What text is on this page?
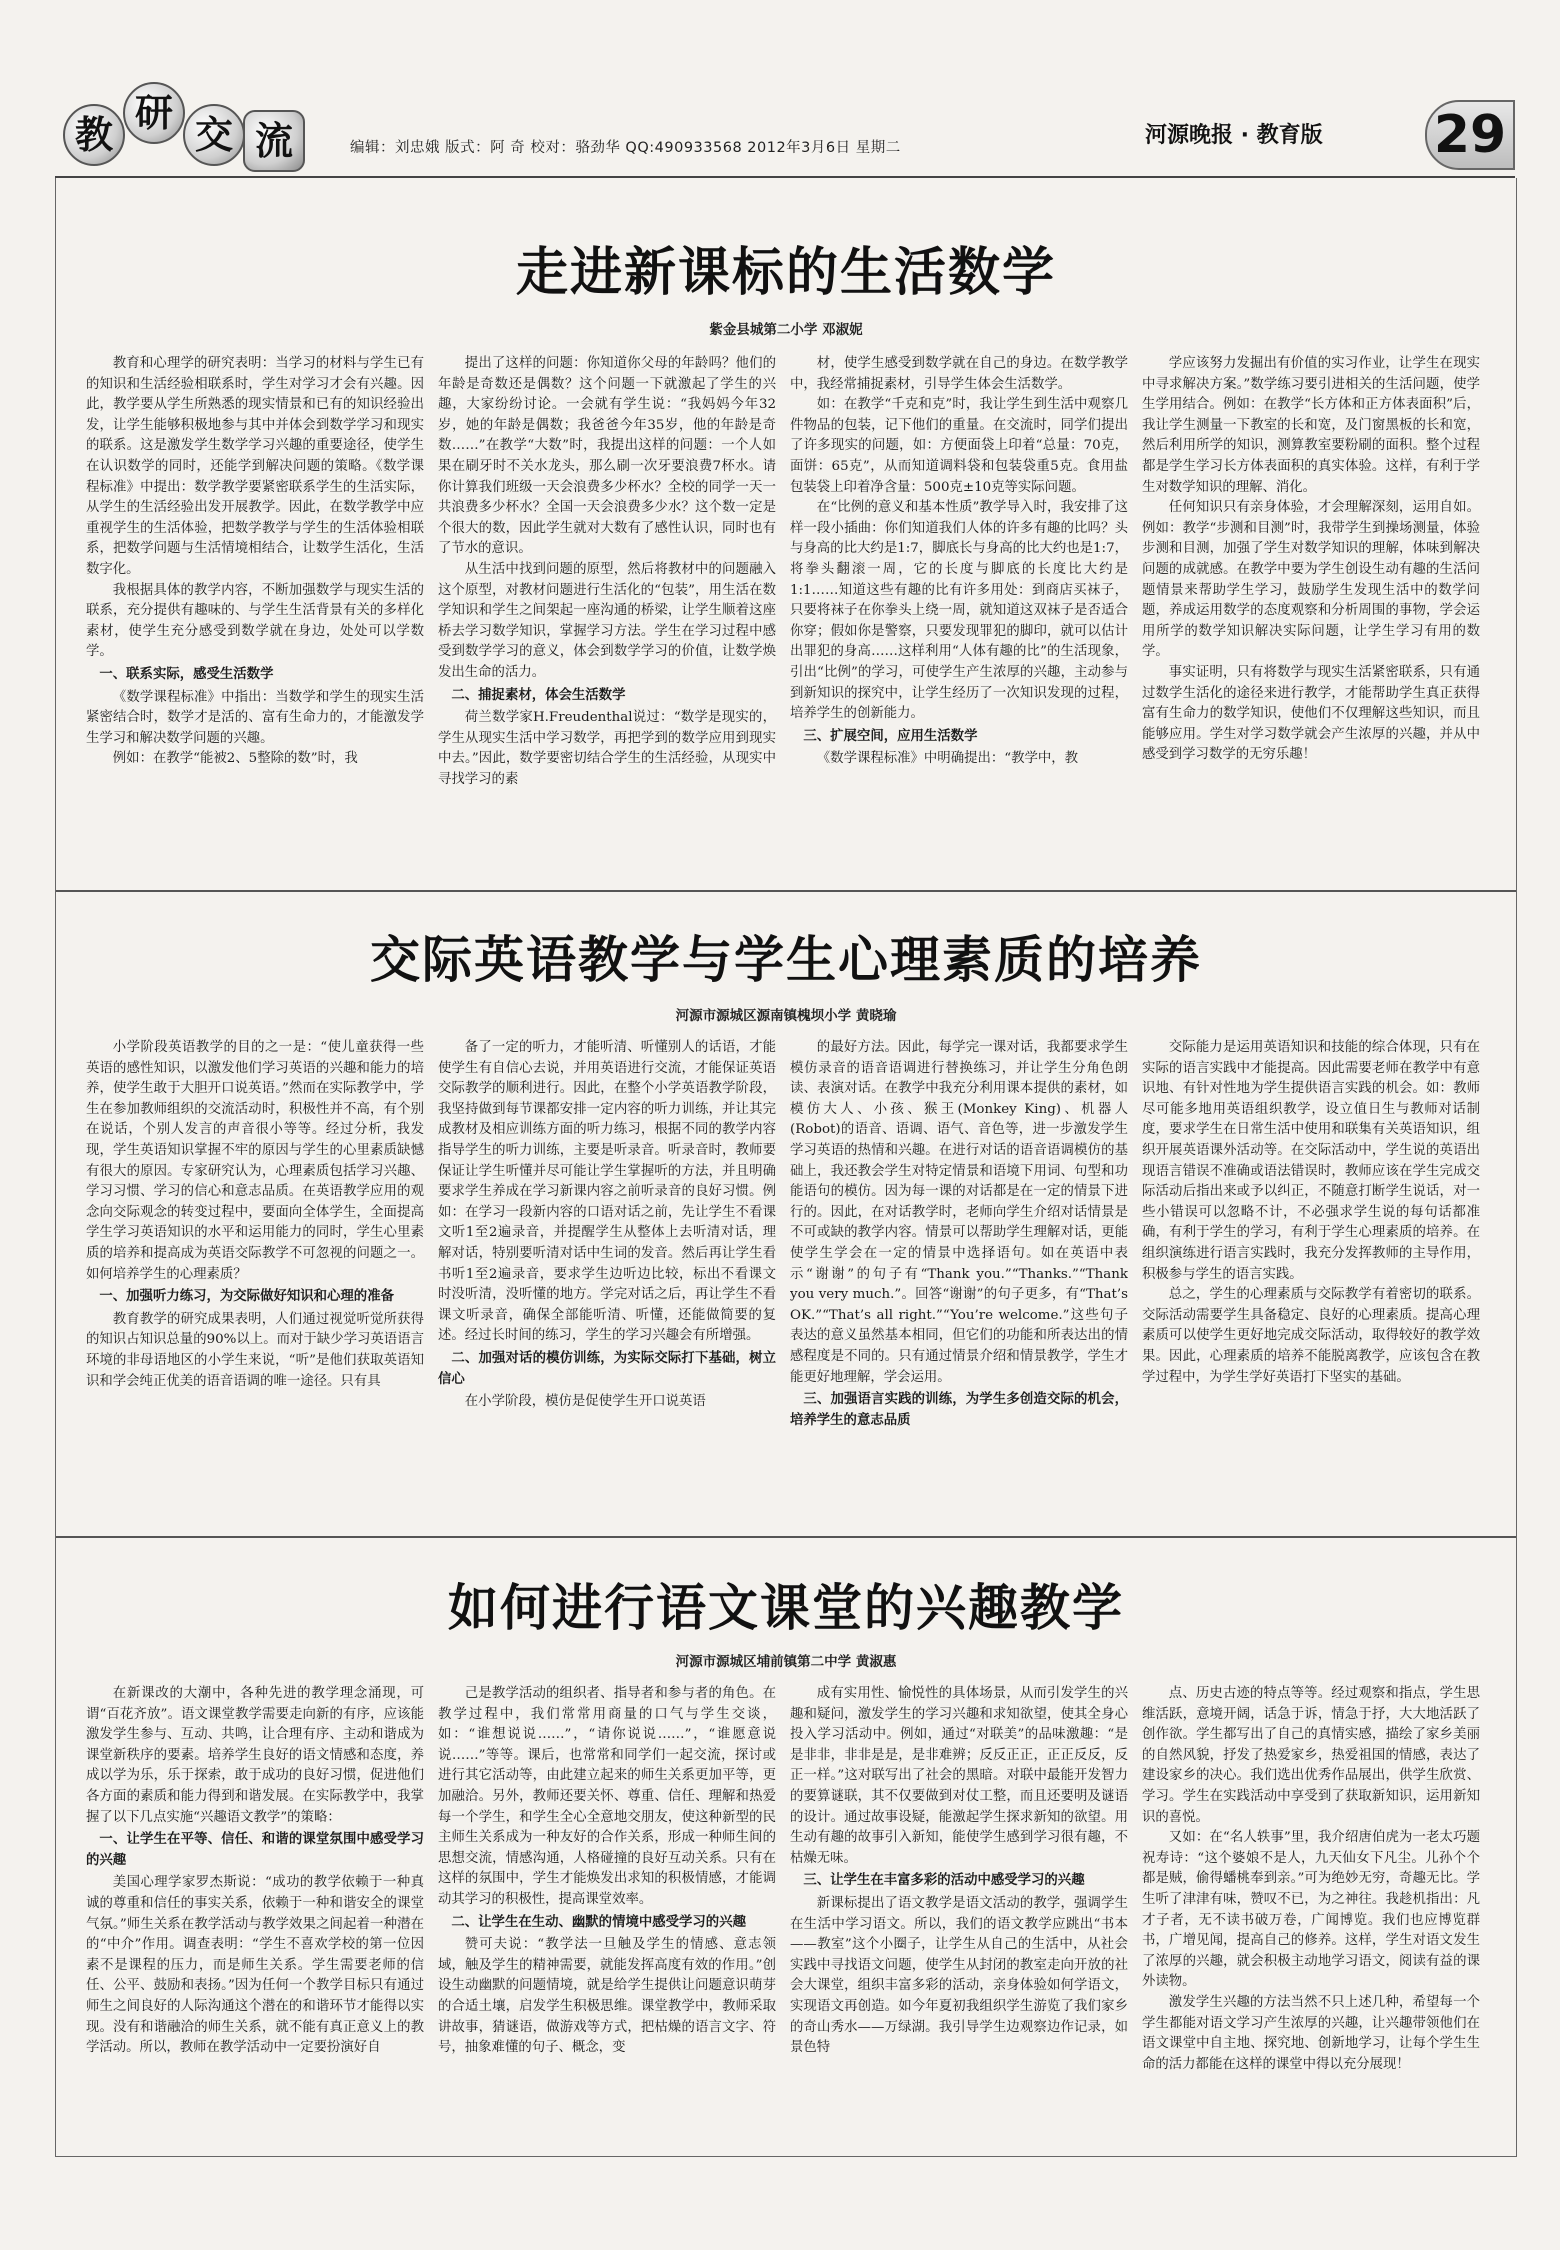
教 研 交 流	编辑：刘忠娥 版式：阿 奇 校对：骆劲华 QQ:490933568 2012年3月6日 星期二	河源晚报 · 教育版 29
走进新课标的生活数学
紫金县城第二小学 邓淑妮

教育和心理学的研究表明：当学习的材料与学生已有的知识和生活经验相联系时，学生对学习才会有兴趣。因此，教学要从学生所熟悉的现实情景和已有的知识经验出发，让学生能够积极地参与其中并体会到数学学习和现实的联系。这是激发学生数学学习兴趣的重要途径，使学生在认识数学的同时，还能学到解决问题的策略。《数学课程标准》中提出：数学教学要紧密联系学生的生活实际，从学生的生活经验出发开展教学。因此，在数学教学中应重视学生的生活体验，把数学教学与学生的生活体验相联系，把数学问题与生活情境相结合，让数学生活化，生活数字化。

我根据具体的教学内容，不断加强数学与现实生活的联系，充分提供有趣味的、与学生生活背景有关的多样化素材，使学生充分感受到数学就在身边，处处可以学数学。

一、联系实际，感受生活数学

《数学课程标准》中指出：当数学和学生的现实生活紧密结合时，数学才是活的、富有生命力的，才能激发学生学习和解决数学问题的兴趣。

例如：在教学“能被2、5整除的数”时，我

提出了这样的问题：你知道你父母的年龄吗？他们的年龄是奇数还是偶数？这个问题一下就激起了学生的兴趣，大家纷纷讨论。一会就有学生说：“我妈妈今年32岁，她的年龄是偶数；我爸爸今年35岁，他的年龄是奇数……”在教学“大数”时，我提出这样的问题：一个人如果在刷牙时不关水龙头，那么刷一次牙要浪费7杯水。请你计算我们班级一天会浪费多少杯水？全校的同学一天一共浪费多少杯水？全国一天会浪费多少水？这个数一定是个很大的数，因此学生就对大数有了感性认识，同时也有了节水的意识。

从生活中找到问题的原型，然后将教材中的问题融入这个原型，对教材问题进行生活化的“包装”，用生活在数学知识和学生之间架起一座沟通的桥梁，让学生顺着这座桥去学习数学知识，掌握学习方法。学生在学习过程中感受到数学学习的意义，体会到数学学习的价值，让数学焕发出生命的活力。

二、捕捉素材，体会生活数学

荷兰数学家H.Freudenthal说过：“数学是现实的，学生从现实生活中学习数学，再把学到的数学应用到现实中去。”因此，数学要密切结合学生的生活经验，从现实中寻找学习的素

材，使学生感受到数学就在自己的身边。在数学教学中，我经常捕捉素材，引导学生体会生活数学。

如：在教学“千克和克”时，我让学生到生活中观察几件物品的包装，记下他们的重量。在交流时，同学们提出了许多现实的问题，如：方便面袋上印着“总量：70克，面饼：65克”，从而知道调料袋和包装袋重5克。食用盐包装袋上印着净含量：500克±10克等实际问题。

在“比例的意义和基本性质”教学导入时，我安排了这样一段小插曲：你们知道我们人体的许多有趣的比吗？头与身高的比大约是1:7，脚底长与身高的比大约也是1:7，将拳头翻滚一周，它的长度与脚底的长度比大约是1:1……知道这些有趣的比有许多用处：到商店买袜子，只要将袜子在你拳头上绕一周，就知道这双袜子是否适合你穿；假如你是警察，只要发现罪犯的脚印，就可以估计出罪犯的身高……这样利用“人体有趣的比”的生活现象，引出“比例”的学习，可使学生产生浓厚的兴趣，主动参与到新知识的探究中，让学生经历了一次知识发现的过程，培养学生的创新能力。

三、扩展空间，应用生活数学

《数学课程标准》中明确提出：“教学中，教

学应该努力发掘出有价值的实习作业，让学生在现实中寻求解决方案。”数学练习要引进相关的生活问题，使学生学用结合。例如：在教学“长方体和正方体表面积”后，我让学生测量一下教室的长和宽，及门窗黑板的长和宽，然后利用所学的知识，测算教室要粉刷的面积。整个过程都是学生学习长方体表面积的真实体验。这样，有利于学生对数学知识的理解、消化。

任何知识只有亲身体验，才会理解深刻，运用自如。例如：教学“步测和目测”时，我带学生到操场测量，体验步测和目测，加强了学生对数学知识的理解，体味到解决问题的成就感。在教学中要为学生创设生动有趣的生活问题情景来帮助学生学习，鼓励学生发现生活中的数学问题，养成运用数学的态度观察和分析周围的事物，学会运用所学的数学知识解决实际问题，让学生学习有用的数学。

事实证明，只有将数学与现实生活紧密联系，只有通过数学生活化的途径来进行教学，才能帮助学生真正获得富有生命力的数学知识，使他们不仅理解这些知识，而且能够应用。学生对学习数学就会产生浓厚的兴趣，并从中感受到学习数学的无穷乐趣！

交际英语教学与学生心理素质的培养
河源市源城区源南镇槐坝小学 黄晓瑜

小学阶段英语教学的目的之一是：“使儿童获得一些英语的感性知识，以激发他们学习英语的兴趣和能力的培养，使学生敢于大胆开口说英语。”然而在实际教学中，学生在参加教师组织的交流活动时，积极性并不高，有个别在说话，个别人发言的声音很小等等。经过分析，我发现，学生英语知识掌握不牢的原因与学生的心里素质缺憾有很大的原因。专家研究认为，心理素质包括学习兴趣、学习习惯、学习的信心和意志品质。在英语教学应用的观念向交际观念的转变过程中，要面向全体学生，全面提高学生学习英语知识的水平和运用能力的同时，学生心里素质的培养和提高成为英语交际教学不可忽视的问题之一。如何培养学生的心理素质？

一、加强听力练习，为交际做好知识和心理的准备

教育教学的研究成果表明，人们通过视觉听觉所获得的知识占知识总量的90%以上。而对于缺少学习英语语言环境的非母语地区的小学生来说，“听”是他们获取英语知识和学会纯正优美的语音语调的唯一途径。只有具

备了一定的听力，才能听清、听懂别人的话语，才能使学生有自信心去说，并用英语进行交流，才能保证英语交际教学的顺利进行。因此，在整个小学英语教学阶段，我坚持做到每节课都安排一定内容的听力训练，并让其完成教材及相应训练方面的听力练习，根据不同的教学内容指导学生的听力训练，主要是听录音。听录音时，教师要保证让学生听懂并尽可能让学生掌握听的方法，并且明确要求学生养成在学习新课内容之前听录音的良好习惯。例如：在学习一段新内容的口语对话之前，先让学生不看课文听1至2遍录音，并提醒学生从整体上去听清对话，理解对话，特别要听清对话中生词的发音。然后再让学生看书听1至2遍录音，要求学生边听边比较，标出不看课文时没听清，没听懂的地方。学完对话之后，再让学生不看课文听录音，确保全部能听清、听懂，还能做简要的复述。经过长时间的练习，学生的学习兴趣会有所增强。

二、加强对话的模仿训练，为实际交际打下基础，树立信心

在小学阶段，模仿是促使学生开口说英语

的最好方法。因此，每学完一课对话，我都要求学生模仿录音的语音语调进行替换练习，并让学生分角色朗读、表演对话。在教学中我充分利用课本提供的素材，如模仿大人、小孩、猴王(Monkey King)、机器人(Robot)的语音、语调、语气、音色等，进一步激发学生学习英语的热情和兴趣。在进行对话的语音语调模仿的基础上，我还教会学生对特定情景和语境下用词、句型和功能语句的模仿。因为每一课的对话都是在一定的情景下进行的。因此，在对话教学时，老师向学生介绍对话情景是不可或缺的教学内容。情景可以帮助学生理解对话，更能使学生学会在一定的情景中选择语句。如在英语中表示“谢谢”的句子有“Thank you.”“Thanks.”“Thank you very much.”。回答“谢谢”的句子更多，有“That’s OK.”“That’s all right.”“You’re welcome.”这些句子表达的意义虽然基本相同，但它们的功能和所表达出的情感程度是不同的。只有通过情景介绍和情景教学，学生才能更好地理解，学会运用。

三、加强语言实践的训练，为学生多创造交际的机会，培养学生的意志品质

交际能力是运用英语知识和技能的综合体现，只有在实际的语言实践中才能提高。因此需要老师在教学中有意识地、有针对性地为学生提供语言实践的机会。如：教师尽可能多地用英语组织教学，设立值日生与教师对话制度，要求学生在日常生活中使用和联集有关英语知识，组织开展英语课外活动等。在交际活动中，学生说的英语出现语言错误不准确或语法错误时，教师应该在学生完成交际活动后指出来或予以纠正，不随意打断学生说话，对一些小错误可以忽略不计，不必强求学生说的每句话都准确，有利于学生的学习，有利于学生心理素质的培养。在组织演练进行语言实践时，我充分发挥教师的主导作用，积极参与学生的语言实践。

总之，学生的心理素质与交际教学有着密切的联系。交际活动需要学生具备稳定、良好的心理素质。提高心理素质可以使学生更好地完成交际活动，取得较好的教学效果。因此，心理素质的培养不能脱离教学，应该包含在教学过程中，为学生学好英语打下坚实的基础。

如何进行语文课堂的兴趣教学
河源市源城区埔前镇第二中学 黄淑惠

在新课改的大潮中，各种先进的教学理念涌现，可谓“百花齐放”。语文课堂教学需要走向新的有序，应该能激发学生参与、互动、共鸣，让合理有序、主动和谐成为课堂新秩序的要素。培养学生良好的语文情感和态度，养成以学为乐，乐于探索，敢于成功的良好习惯，促进他们各方面的素质和能力得到和谐发展。在实际教学中，我掌握了以下几点实施“兴趣语文教学”的策略：

一、让学生在平等、信任、和谐的课堂氛围中感受学习的兴趣

美国心理学家罗杰斯说：“成功的教学依赖于一种真诚的尊重和信任的事实关系，依赖于一种和谐安全的课堂气氛。”师生关系在教学活动与教学效果之间起着一种潜在的“中介”作用。调查表明：“学生不喜欢学校的第一位因素不是课程的压力，而是师生关系。学生需要老师的信任、公平、鼓励和表扬。”因为任何一个教学目标只有通过师生之间良好的人际沟通这个潜在的和谐环节才能得以实现。没有和谐融洽的师生关系，就不能有真正意义上的教学活动。所以，教师在教学活动中一定要扮演好自

己是教学活动的组织者、指导者和参与者的角色。在教学过程中，我们常常用商量的口气与学生交谈，如：“谁想说说……”，“请你说说……”，“谁愿意说说……”等等。课后，也常常和同学们一起交流，探讨或进行其它活动等，由此建立起来的师生关系更加平等，更加融洽。另外，教师还要关怀、尊重、信任、理解和热爱每一个学生，和学生全心全意地交朋友，使这种新型的民主师生关系成为一种友好的合作关系，形成一种师生间的思想交流，情感沟通，人格碰撞的良好互动关系。只有在这样的氛围中，学生才能焕发出求知的积极情感，才能调动其学习的积极性，提高课堂效率。

二、让学生在生动、幽默的情境中感受学习的兴趣

赞可夫说：“教学法一旦触及学生的情感、意志领域，触及学生的精神需要，就能发挥高度有效的作用。”创设生动幽默的问题情境，就是给学生提供让问题意识萌芽的合适土壤，启发学生积极思维。课堂教学中，教师采取讲故事，猜谜语，做游戏等方式，把枯燥的语言文字、符号，抽象难懂的句子、概念，变

成有实用性、愉悦性的具体场景，从而引发学生的兴趣和疑问，激发学生的学习兴趣和求知欲望，使其全身心投入学习活动中。例如，通过“对联美”的品味激趣：“是是非非，非非是是，是非难辨；反反正正，正正反反，反正一样。”这对联写出了社会的黑暗。对联中最能开发智力的要算谜联，其不仅要做到对仗工整，而且还要明及谜语的设计。通过故事设疑，能激起学生探求新知的欲望。用生动有趣的故事引入新知，能使学生感到学习很有趣，不枯燥无味。

三、让学生在丰富多彩的活动中感受学习的兴趣

新课标提出了语文教学是语文活动的教学，强调学生在生活中学习语文。所以，我们的语文教学应跳出“书本——教室”这个小圈子，让学生从自己的生活中，从社会实践中寻找语文问题，使学生从封闭的教室走向开放的社会大课堂，组织丰富多彩的活动，亲身体验如何学语文，实现语文再创造。如今年夏初我组织学生游览了我们家乡的奇山秀水——万绿湖。我引导学生边观察边作记录，如景色特

点、历史古迹的特点等等。经过观察和指点，学生思维活跃，意境开阔，话急于诉，情急于抒，大大地活跃了创作欲。学生都写出了自己的真情实感，描绘了家乡美丽的自然风貌，抒发了热爱家乡，热爱祖国的情感，表达了建设家乡的决心。我们选出优秀作品展出，供学生欣赏、学习。学生在实践活动中享受到了获取新知识，运用新知识的喜悦。

又如：在“名人轶事”里，我介绍唐伯虎为一老太巧题祝寿诗：“这个婆娘不是人，九天仙女下凡尘。儿孙个个都是贼，偷得蟠桃奉到亲。”可为绝妙无穷，奇趣无比。学生听了津津有味，赞叹不已，为之神往。我趁机指出：凡才子者，无不读书破万卷，广闻博览。我们也应博览群书，广增见闻，提高自己的修养。这样，学生对语文发生了浓厚的兴趣，就会积极主动地学习语文，阅读有益的课外读物。

激发学生兴趣的方法当然不只上述几种，希望每一个学生都能对语文学习产生浓厚的兴趣，让兴趣带领他们在语文课堂中自主地、探究地、创新地学习，让每个学生生命的活力都能在这样的课堂中得以充分展现！
